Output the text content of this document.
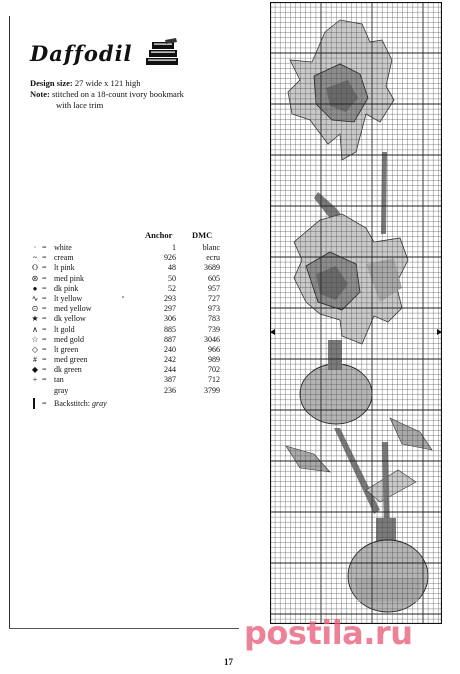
Daffodil
Design size: 27 wide x 121 high
Note: stitched on a 18-count ivory bookmark
with lace trim
Anchor DMC
· = white	1	blanc
~ = cream	926	ecru
O = lt pink	48	3689
⊛ = med pink	50	605
● = dk pink	52	957
∿ = lt yellow	293	727
⊙ = med yellow	297	973
★ = dk yellow	306	783
∧ = lt gold	885	739
☆ = med gold	887	3046
◇ = lt green	240	966
# = med green	242	989
◆ = dk green	244	702
+ = tan	387	712
gray	236	3799
= Backstitch: gray
17
postila.ru
